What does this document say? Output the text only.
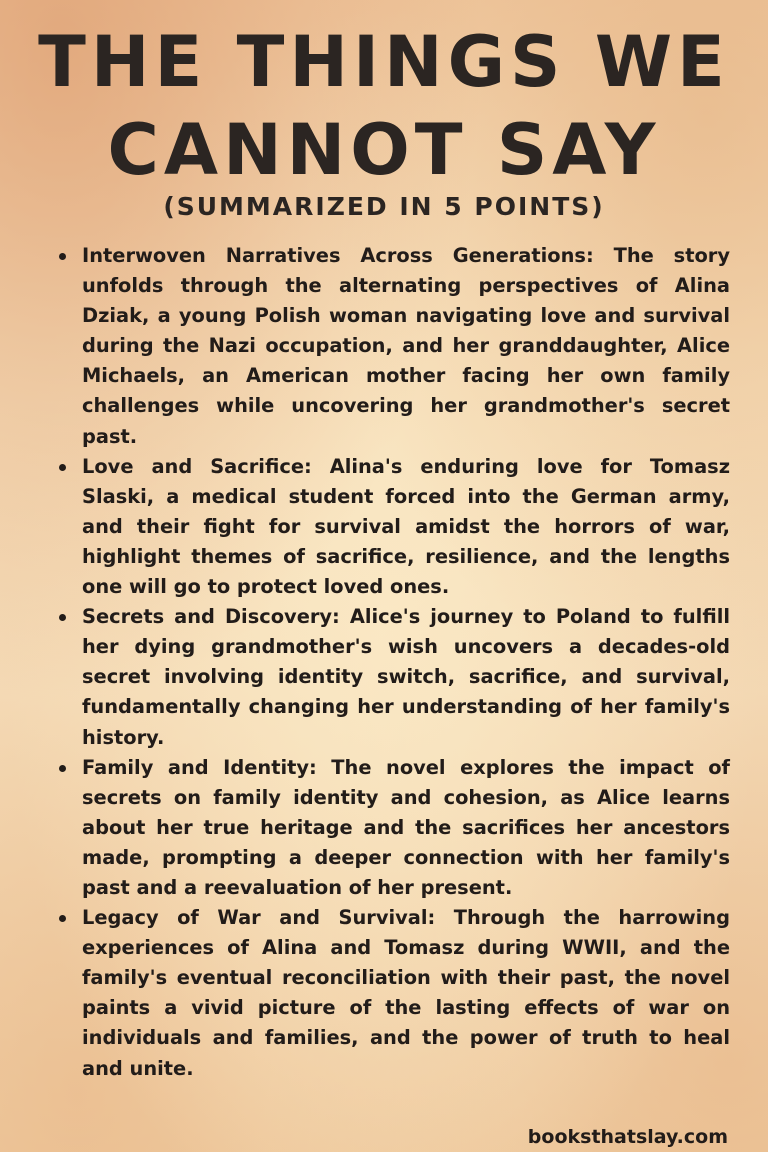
THE THINGS WE
CANNOT SAY
(SUMMARIZED IN 5 POINTS)
Interwoven Narratives Across Generations: The story unfolds through the alternating perspectives of Alina Dziak, a young Polish woman navigating love and survival during the Nazi occupation, and her granddaughter, Alice Michaels, an American mother facing her own family challenges while uncovering her grandmother's secret past.
Love and Sacrifice: Alina's enduring love for Tomasz Slaski, a medical student forced into the German army, and their fight for survival amidst the horrors of war, highlight themes of sacrifice, resilience, and the lengths one will go to protect loved ones.
Secrets and Discovery: Alice's journey to Poland to fulfill her dying grandmother's wish uncovers a decades-old secret involving identity switch, sacrifice, and survival, fundamentally changing her understanding of her family's history.
Family and Identity: The novel explores the impact of secrets on family identity and cohesion, as Alice learns about her true heritage and the sacrifices her ancestors made, prompting a deeper connection with her family's past and a reevaluation of her present.
Legacy of War and Survival: Through the harrowing experiences of Alina and Tomasz during WWII, and the family's eventual reconciliation with their past, the novel paints a vivid picture of the lasting effects of war on individuals and families, and the power of truth to heal and unite.
booksthatslay.com
